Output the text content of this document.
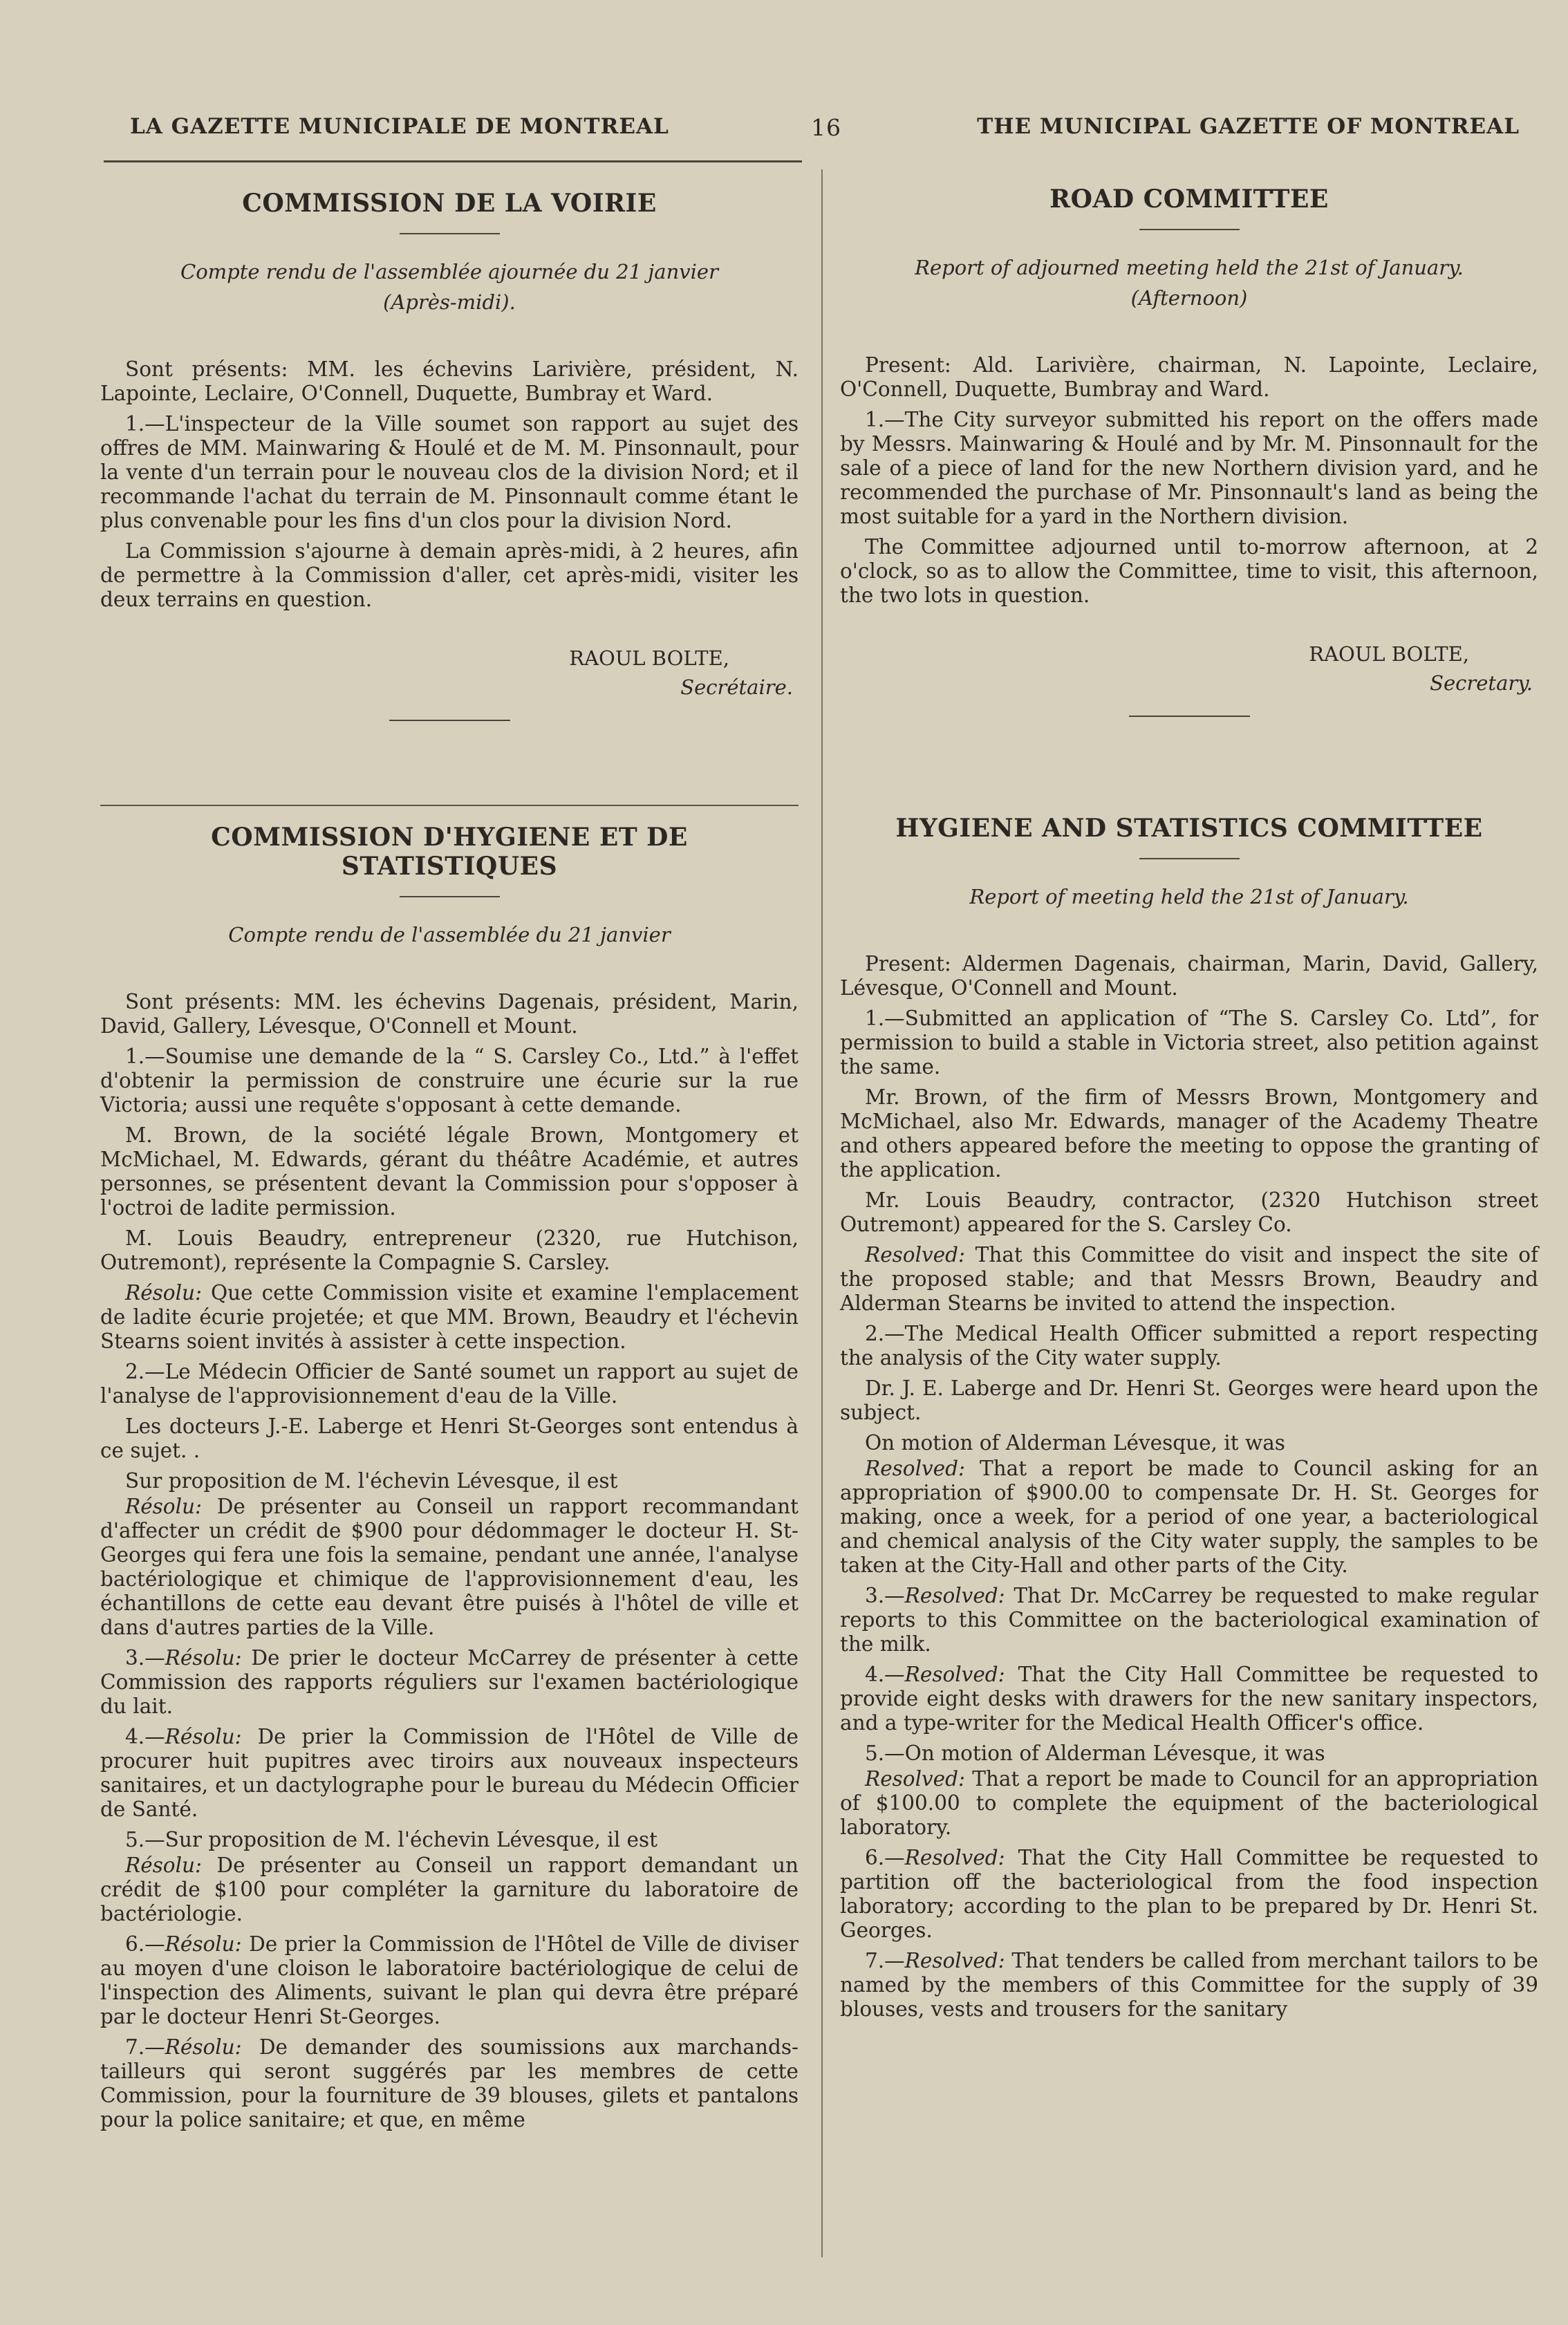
LA GAZETTE MUNICIPALE DE MONTREAL	16	THE MUNICIPAL GAZETTE OF MONTREAL
COMMISSION DE LA VOIRIE
Compte rendu de l'assemblée ajournée du 21 janvier
(Après-midi).

Sont présents: MM. les échevins Larivière, président, N. Lapointe, Leclaire, O'Connell, Duquette, Bumbray et Ward.

1.—L'inspecteur de la Ville soumet son rapport au sujet des offres de MM. Mainwaring & Houlé et de M. M. Pinsonnault, pour la vente d'un terrain pour le nouveau clos de la division Nord; et il recommande l'achat du terrain de M. Pinsonnault comme étant le plus convenable pour les fins d'un clos pour la division Nord.

La Commission s'ajourne à demain après-midi, à 2 heures, afin de permettre à la Commission d'aller, cet après-midi, visiter les deux terrains en question.

RAOUL BOLTE,
Secrétaire.
COMMISSION D'HYGIENE ET DE STATISTIQUES
Compte rendu de l'assemblée du 21 janvier

Sont présents: MM. les échevins Dagenais, président, Marin, David, Gallery, Lévesque, O'Connell et Mount.

1.—Soumise une demande de la “ S. Carsley Co., Ltd.” à l'effet d'obtenir la permission de construire une écurie sur la rue Victoria; aussi une requête s'opposant à cette demande.

M. Brown, de la société légale Brown, Montgomery et McMichael, M. Edwards, gérant du théâtre Académie, et autres personnes, se présentent devant la Commission pour s'opposer à l'octroi de ladite permission.

M. Louis Beaudry, entrepreneur (2320, rue Hutchison, Outremont), représente la Compagnie S. Carsley.

Résolu: Que cette Commission visite et examine l'emplacement de ladite écurie projetée; et que MM. Brown, Beaudry et l'échevin Stearns soient invités à assister à cette inspection.

2.—Le Médecin Officier de Santé soumet un rapport au sujet de l'analyse de l'approvisionnement d'eau de la Ville.

Les docteurs J.-E. Laberge et Henri St-Georges sont entendus à ce sujet. .

Sur proposition de M. l'échevin Lévesque, il est

Résolu: De présenter au Conseil un rapport recommandant d'affecter un crédit de $900 pour dédommager le docteur H. St-Georges qui fera une fois la semaine, pendant une année, l'analyse bactériologique et chimique de l'approvisionnement d'eau, les échantillons de cette eau devant être puisés à l'hôtel de ville et dans d'autres parties de la Ville.

3.—Résolu: De prier le docteur McCarrey de présenter à cette Commission des rapports réguliers sur l'examen bactériologique du lait.

4.—Résolu: De prier la Commission de l'Hôtel de Ville de procurer huit pupitres avec tiroirs aux nouveaux inspecteurs sanitaires, et un dactylographe pour le bureau du Médecin Officier de Santé.

5.—Sur proposition de M. l'échevin Lévesque, il est

Résolu: De présenter au Conseil un rapport demandant un crédit de $100 pour compléter la garniture du laboratoire de bactériologie.

6.—Résolu: De prier la Commission de l'Hôtel de Ville de diviser au moyen d'une cloison le laboratoire bactériologique de celui de l'inspection des Aliments, suivant le plan qui devra être préparé par le docteur Henri St-Georges.

7.—Résolu: De demander des soumissions aux marchands-tailleurs qui seront suggérés par les membres de cette Commission, pour la fourniture de 39 blouses, gilets et pantalons pour la police sanitaire; et que, en même

ROAD COMMITTEE
Report of adjourned meeting held the 21st of January.
(Afternoon)

Present: Ald. Larivière, chairman, N. Lapointe, Leclaire, O'Connell, Duquette, Bumbray and Ward.

1.—The City surveyor submitted his report on the offers made by Messrs. Mainwaring & Houlé and by Mr. M. Pinsonnault for the sale of a piece of land for the new Northern division yard, and he recommended the purchase of Mr. Pinsonnault's land as being the most suitable for a yard in the Northern division.

The Committee adjourned until to-morrow afternoon, at 2 o'clock, so as to allow the Committee, time to visit, this afternoon, the two lots in question.

RAOUL BOLTE,
Secretary.
HYGIENE AND STATISTICS COMMITTEE
Report of meeting held the 21st of January.

Present: Aldermen Dagenais, chairman, Marin, David, Gallery, Lévesque, O'Connell and Mount.

1.—Submitted an application of “The S. Carsley Co. Ltd”, for permission to build a stable in Victoria street, also petition against the same.

Mr. Brown, of the firm of Messrs Brown, Montgomery and McMichael, also Mr. Edwards, manager of the Academy Theatre and others appeared before the meeting to oppose the granting of the application.

Mr. Louis Beaudry, contractor, (2320 Hutchison street Outremont) appeared for the S. Carsley Co.

Resolved: That this Committee do visit and inspect the site of the proposed stable; and that Messrs Brown, Beaudry and Alderman Stearns be invited to attend the inspection.

2.—The Medical Health Officer submitted a report respecting the analysis of the City water supply.

Dr. J. E. Laberge and Dr. Henri St. Georges were heard upon the subject.

On motion of Alderman Lévesque, it was

Resolved: That a report be made to Council asking for an appropriation of $900.00 to compensate Dr. H. St. Georges for making, once a week, for a period of one year, a bacteriological and chemical analysis of the City water supply, the samples to be taken at the City-Hall and other parts of the City.

3.—Resolved: That Dr. McCarrey be requested to make regular reports to this Committee on the bacteriological examination of the milk.

4.—Resolved: That the City Hall Committee be requested to provide eight desks with drawers for the new sanitary inspectors, and a type-writer for the Medical Health Officer's office.

5.—On motion of Alderman Lévesque, it was

Resolved: That a report be made to Council for an appropriation of $100.00 to complete the equipment of the bacteriological laboratory.

6.—Resolved: That the City Hall Committee be requested to partition off the bacteriological from the food inspection laboratory; according to the plan to be prepared by Dr. Henri St. Georges.

7.—Resolved: That tenders be called from merchant tailors to be named by the members of this Committee for the supply of 39 blouses, vests and trousers for the sanitary
